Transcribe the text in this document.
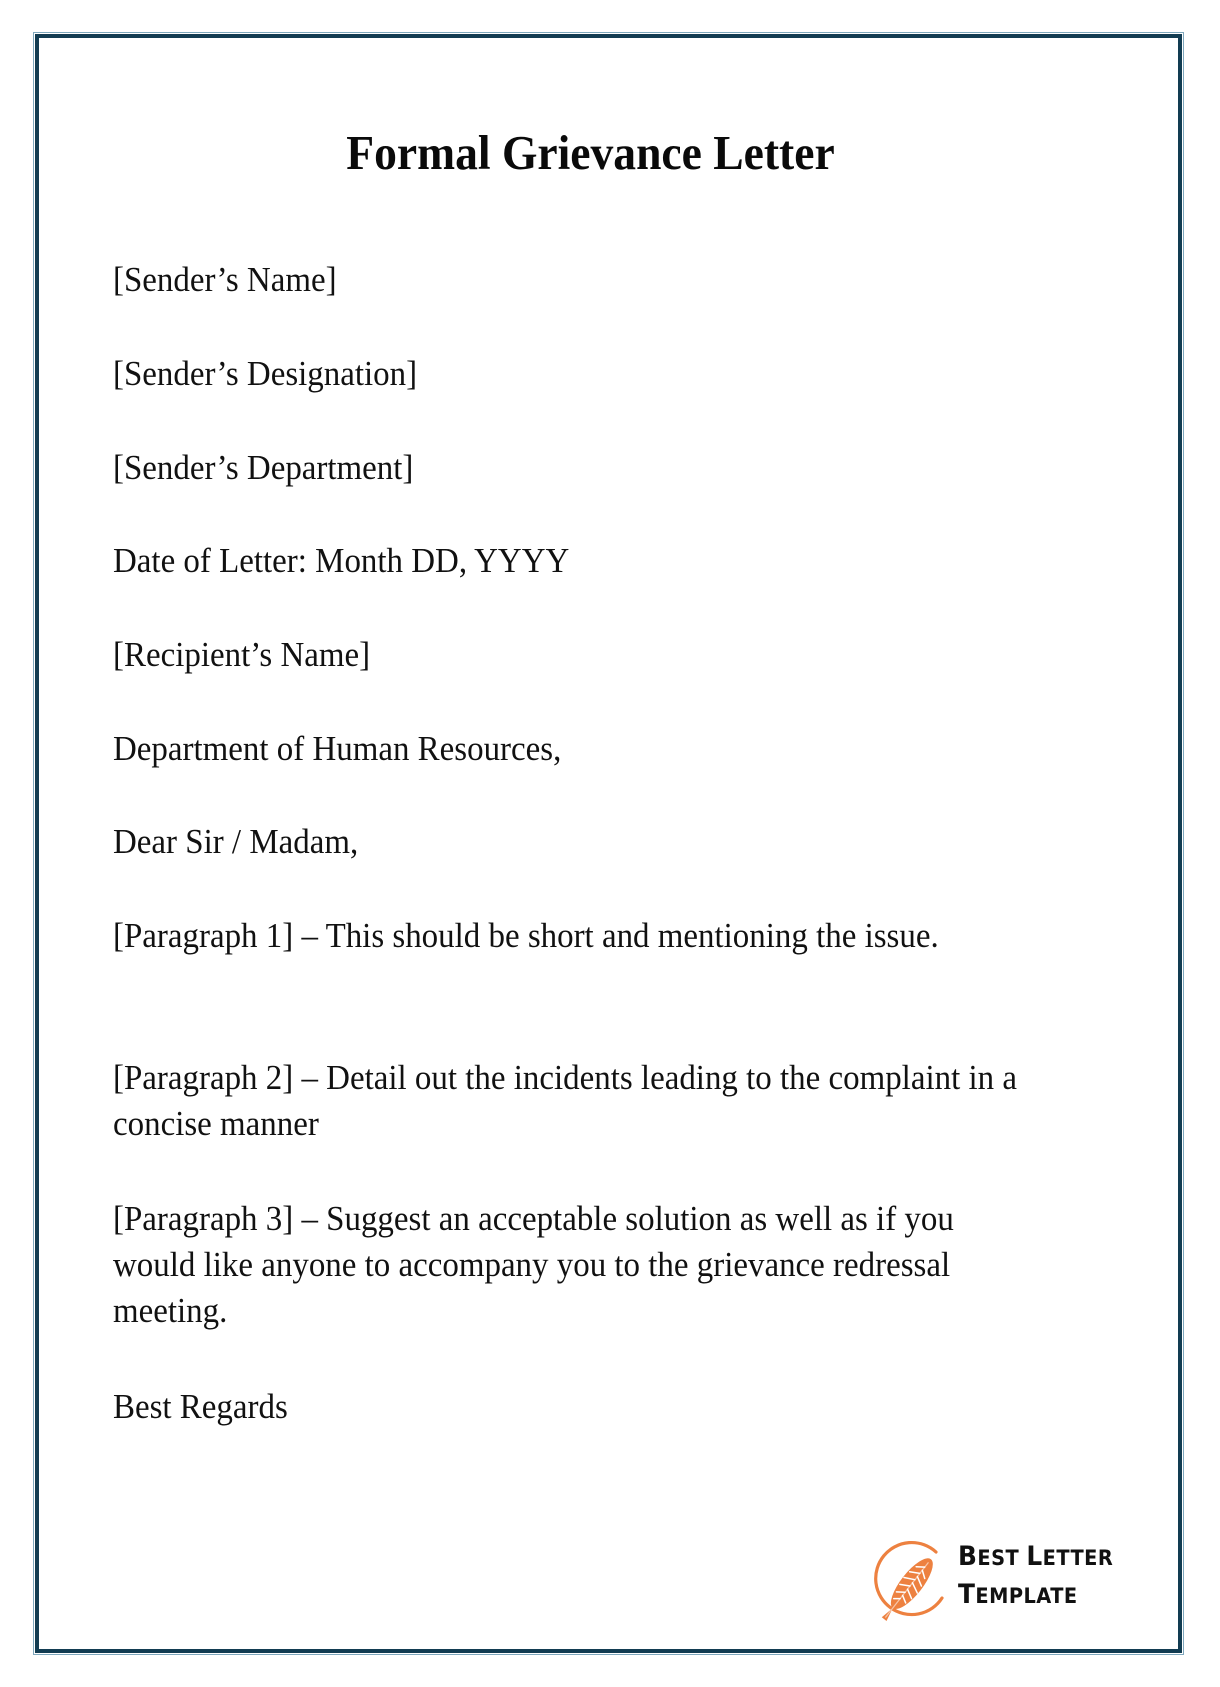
Formal Grievance Letter
[Sender’s Name]
[Sender’s Designation]
[Sender’s Department]
Date of Letter: Month DD, YYYY
[Recipient’s Name]
Department of Human Resources,
Dear Sir / Madam,
[Paragraph 1] – This should be short and mentioning the issue.
[Paragraph 2] – Detail out the incidents leading to the complaint in a concise manner
[Paragraph 3] – Suggest an acceptable solution as well as if you would like anyone to accompany you to the grievance redressal meeting.
Best Regards
BEST LETTER
TEMPLATE
